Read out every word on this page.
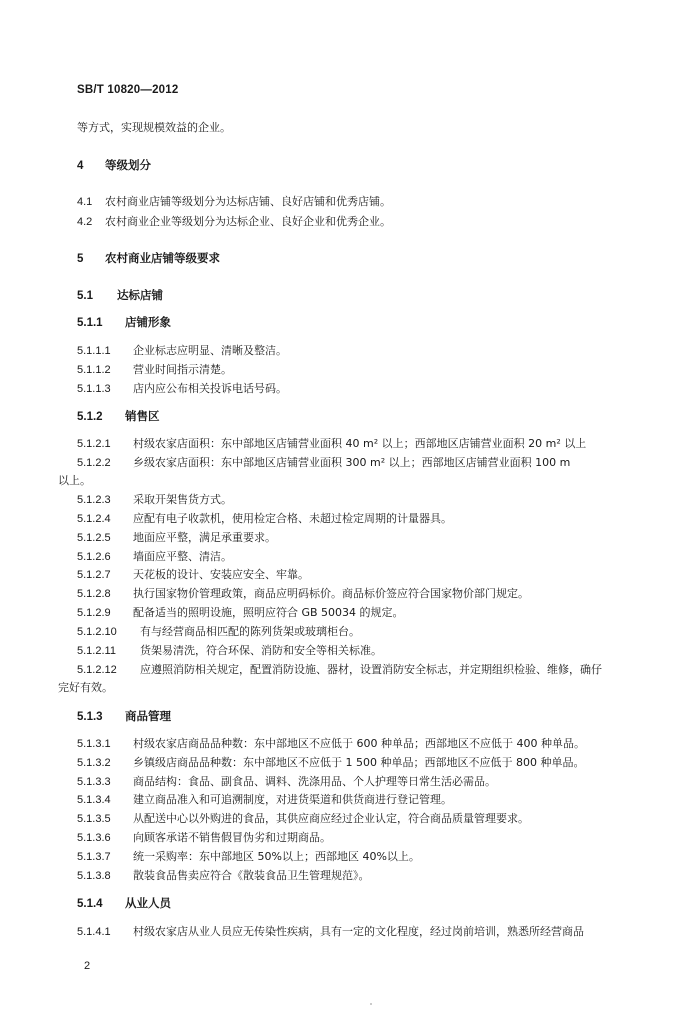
SB/T 10820—2012
等方式，实现规模效益的企业。
4 等级划分
4.1 农村商业店铺等级划分为达标店铺、良好店铺和优秀店铺。
4.2 农村商业企业等级划分为达标企业、良好企业和优秀企业。
5 农村商业店铺等级要求
5.1 达标店铺
5.1.1 店铺形象
5.1.1.1 企业标志应明显、清晰及整洁。
5.1.1.2 营业时间指示清楚。
5.1.1.3 店内应公布相关投诉电话号码。
5.1.2 销售区
5.1.2.1 村级农家店面积：东中部地区店铺营业面积 40 m² 以上；西部地区店铺营业面积 20 m² 以上
5.1.2.2 乡级农家店面积：东中部地区店铺营业面积 300 m² 以上；西部地区店铺营业面积 100 m
以上。
5.1.2.3 采取开架售货方式。
5.1.2.4 应配有电子收款机，使用检定合格、未超过检定周期的计量器具。
5.1.2.5 地面应平整，满足承重要求。
5.1.2.6 墙面应平整、清洁。
5.1.2.7 天花板的设计、安装应安全、牢靠。
5.1.2.8 执行国家物价管理政策，商品应明码标价。商品标价签应符合国家物价部门规定。
5.1.2.9 配备适当的照明设施，照明应符合 GB 50034 的规定。
5.1.2.10 有与经营商品相匹配的陈列货架或玻璃柜台。
5.1.2.11 货架易清洗，符合环保、消防和安全等相关标准。
5.1.2.12 应遵照消防相关规定，配置消防设施、器材，设置消防安全标志，并定期组织检验、维修，确仔
完好有效。
5.1.3 商品管理
5.1.3.1 村级农家店商品品种数：东中部地区不应低于 600 种单品；西部地区不应低于 400 种单品。
5.1.3.2 乡镇级店商品品种数：东中部地区不应低于 1 500 种单品；西部地区不应低于 800 种单品。
5.1.3.3 商品结构：食品、副食品、调料、洗涤用品、个人护理等日常生活必需品。
5.1.3.4 建立商品准入和可追溯制度，对进货渠道和供货商进行登记管理。
5.1.3.5 从配送中心以外购进的食品，其供应商应经过企业认定，符合商品质量管理要求。
5.1.3.6 向顾客承诺不销售假冒伪劣和过期商品。
5.1.3.7 统一采购率：东中部地区 50%以上；西部地区 40%以上。
5.1.3.8 散装食品售卖应符合《散装食品卫生管理规范》。
5.1.4 从业人员
5.1.4.1 村级农家店从业人员应无传染性疾病，具有一定的文化程度，经过岗前培训，熟悉所经营商品
2
